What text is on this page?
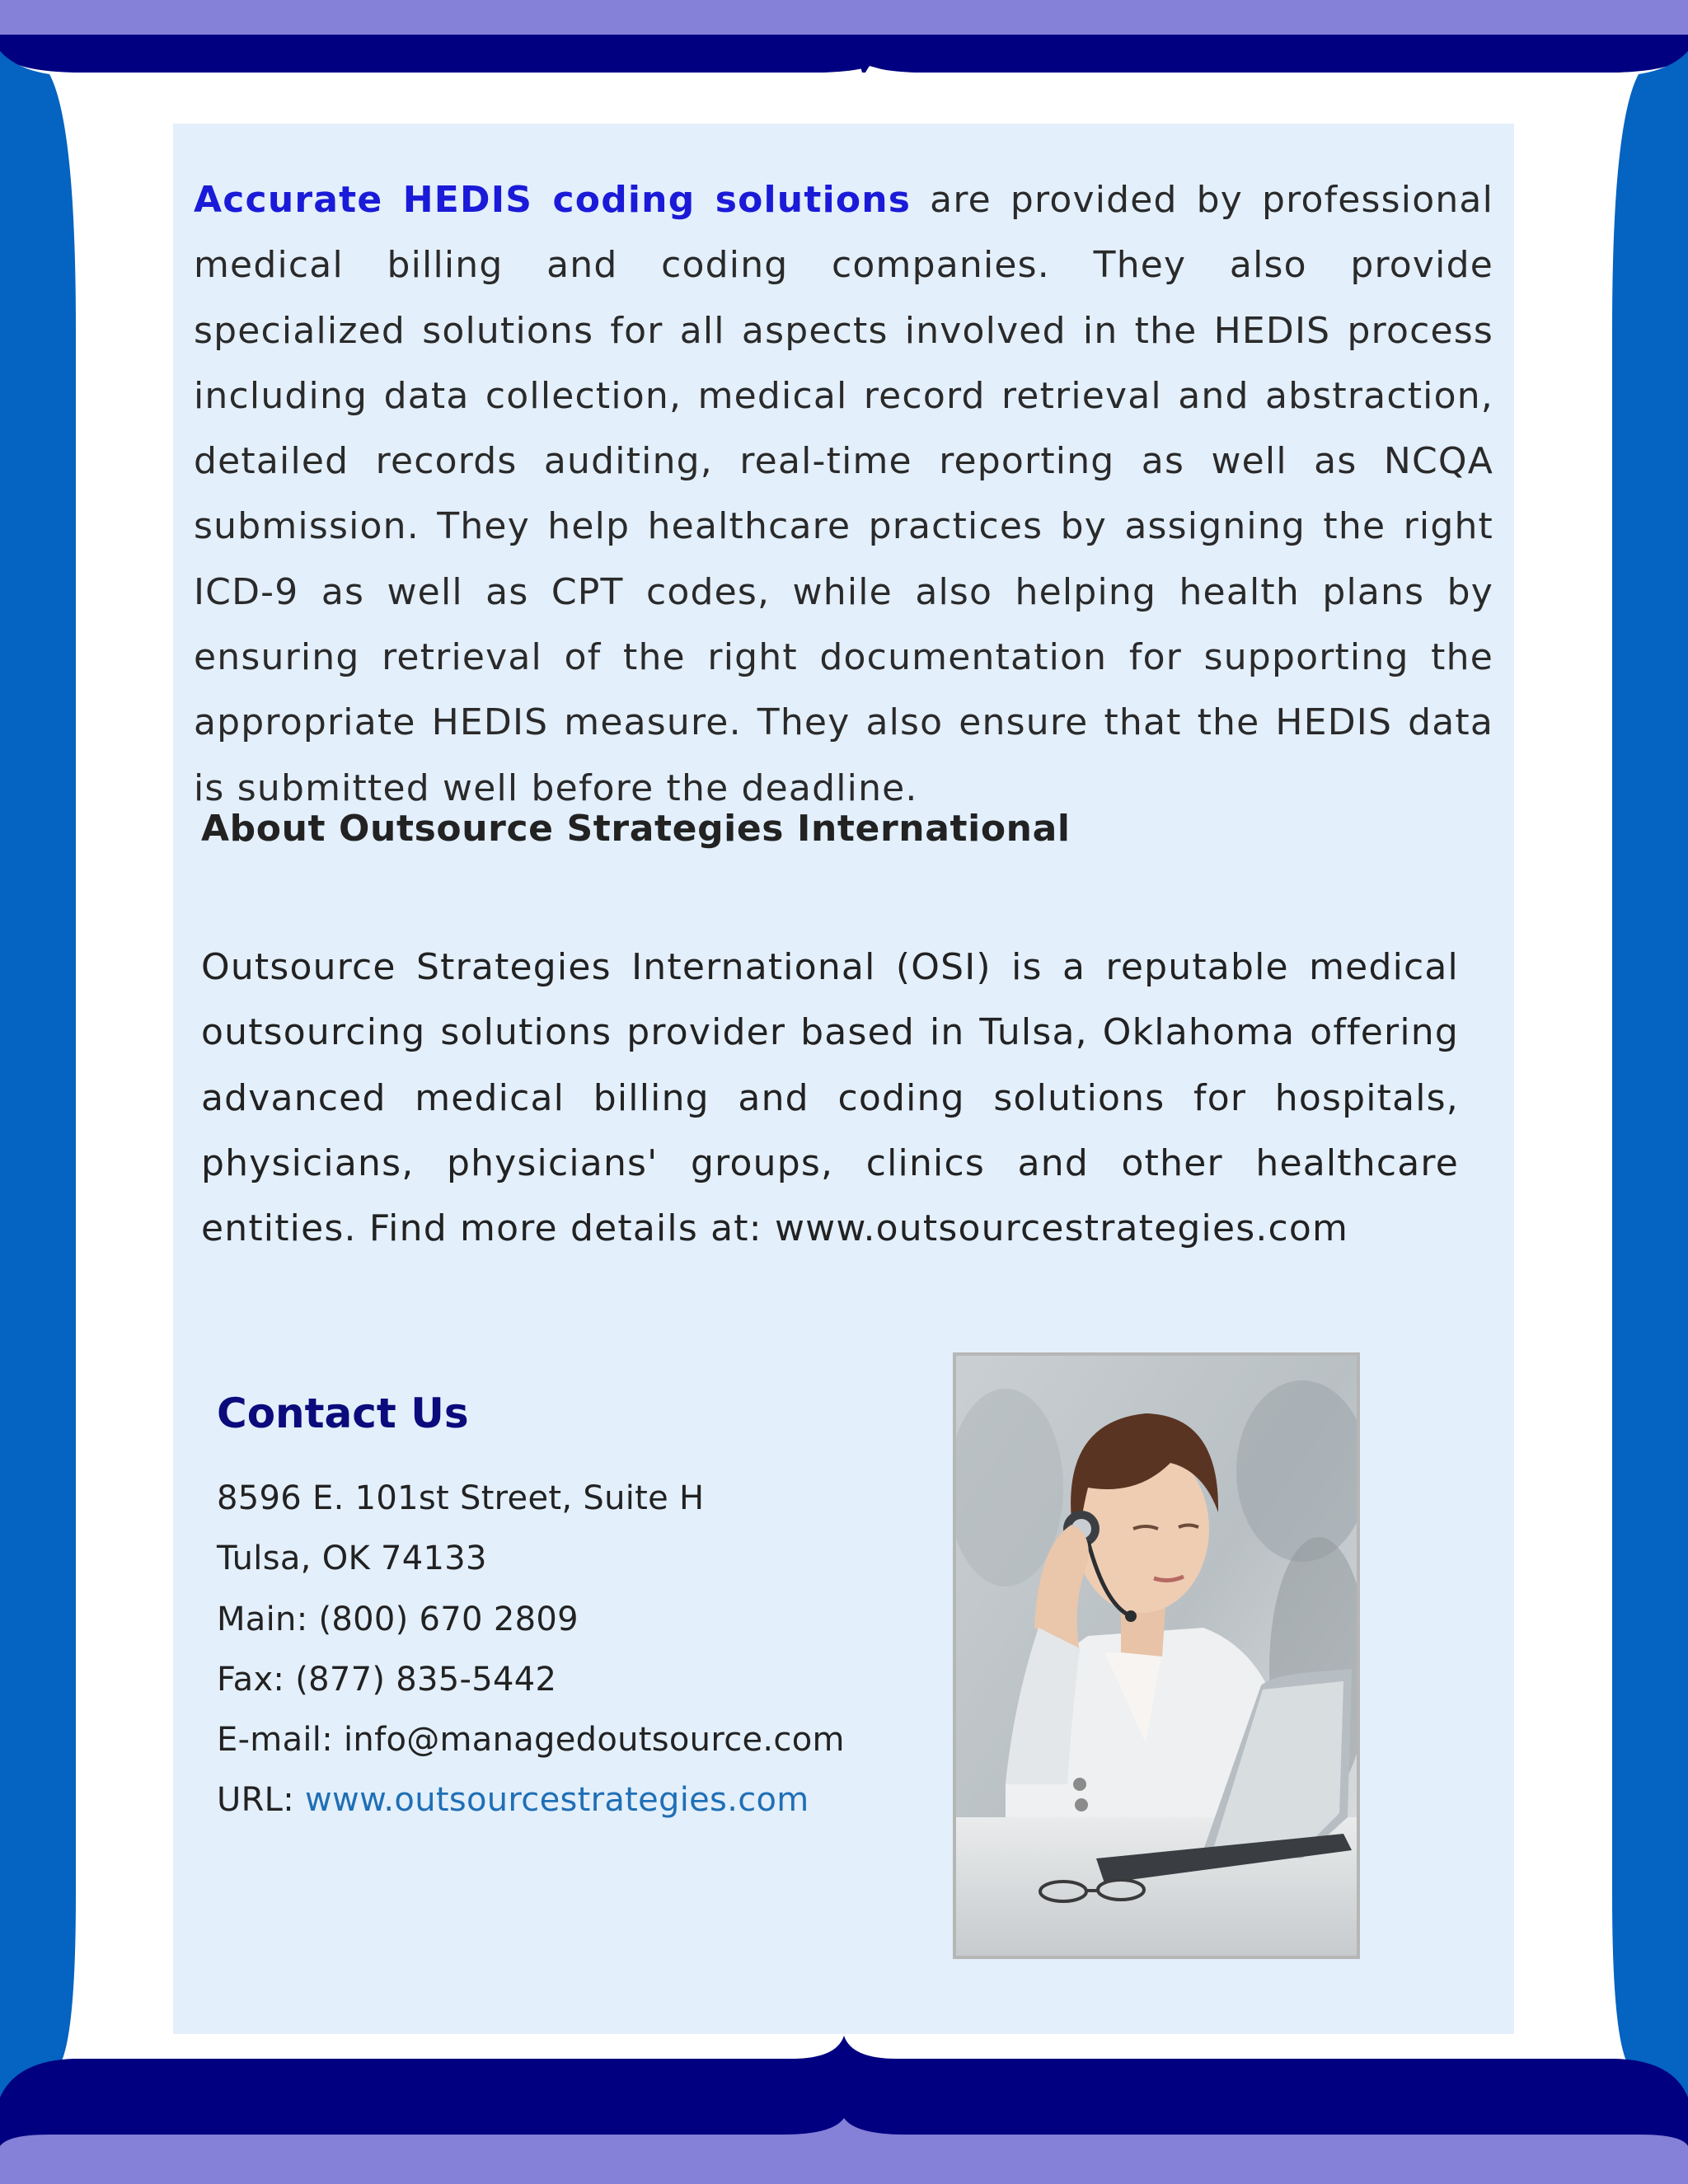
Accurate HEDIS coding solutions are provided by professional medical billing and coding companies. They also provide specialized solutions for all aspects involved in the HEDIS process including data collection, medical record retrieval and abstraction, detailed records auditing, real-time reporting as well as NCQA submission. They help healthcare practices by assigning the right ICD-9 as well as CPT codes, while also helping health plans by ensuring retrieval of the right documentation for supporting the appropriate HEDIS measure. They also ensure that the HEDIS data is submitted well before the deadline.

About Outsource Strategies International

Outsource Strategies International (OSI) is a reputable medical outsourcing solutions provider based in Tulsa, Oklahoma offering advanced medical billing and coding solutions for hospitals, physicians, physicians' groups, clinics and other healthcare entities. Find more details at: www.outsourcestrategies.com

Contact Us
8596 E. 101st Street, Suite H
Tulsa, OK 74133
Main: (800) 670 2809
Fax: (877) 835-5442
E-mail: info@managedoutsource.com
URL: www.outsourcestrategies.com
